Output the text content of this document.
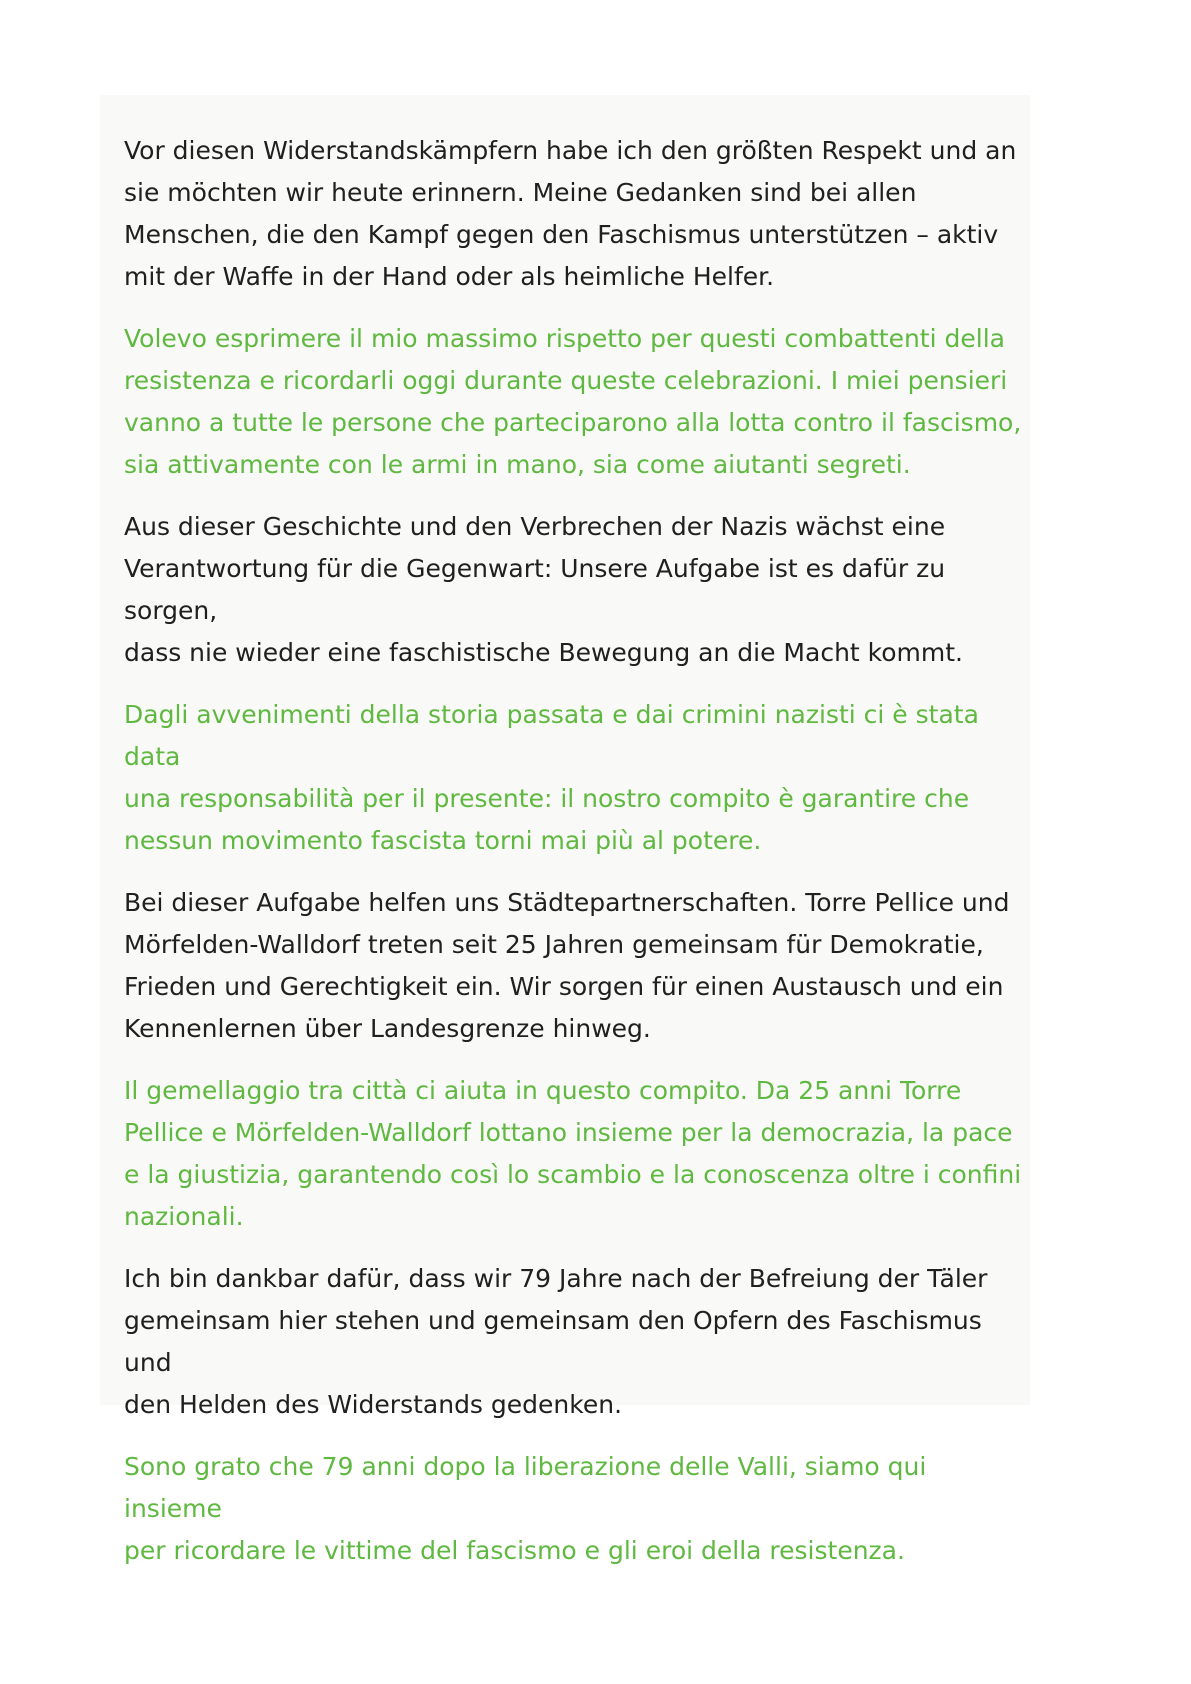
Vor diesen Widerstandskämpfern habe ich den größten Respekt und an
sie möchten wir heute erinnern. Meine Gedanken sind bei allen
Menschen, die den Kampf gegen den Faschismus unterstützen – aktiv
mit der Waffe in der Hand oder als heimliche Helfer.

Volevo esprimere il mio massimo rispetto per questi combattenti della
resistenza e ricordarli oggi durante queste celebrazioni. I miei pensieri
vanno a tutte le persone che parteciparono alla lotta contro il fascismo,
sia attivamente con le armi in mano, sia come aiutanti segreti.

Aus dieser Geschichte und den Verbrechen der Nazis wächst eine
Verantwortung für die Gegenwart: Unsere Aufgabe ist es dafür zu sorgen,
dass nie wieder eine faschistische Bewegung an die Macht kommt.

Dagli avvenimenti della storia passata e dai crimini nazisti ci è stata data
una responsabilità per il presente: il nostro compito è garantire che
nessun movimento fascista torni mai più al potere.

Bei dieser Aufgabe helfen uns Städtepartnerschaften. Torre Pellice und
Mörfelden-Walldorf treten seit 25 Jahren gemeinsam für Demokratie,
Frieden und Gerechtigkeit ein. Wir sorgen für einen Austausch und ein
Kennenlernen über Landesgrenze hinweg.

Il gemellaggio tra città ci aiuta in questo compito. Da 25 anni Torre
Pellice e Mörfelden-Walldorf lottano insieme per la democrazia, la pace
e la giustizia, garantendo così lo scambio e la conoscenza oltre i confini
nazionali.

Ich bin dankbar dafür, dass wir 79 Jahre nach der Befreiung der Täler
gemeinsam hier stehen und gemeinsam den Opfern des Faschismus und
den Helden des Widerstands gedenken.

Sono grato che 79 anni dopo la liberazione delle Valli, siamo qui insieme
per ricordare le vittime del fascismo e gli eroi della resistenza.
